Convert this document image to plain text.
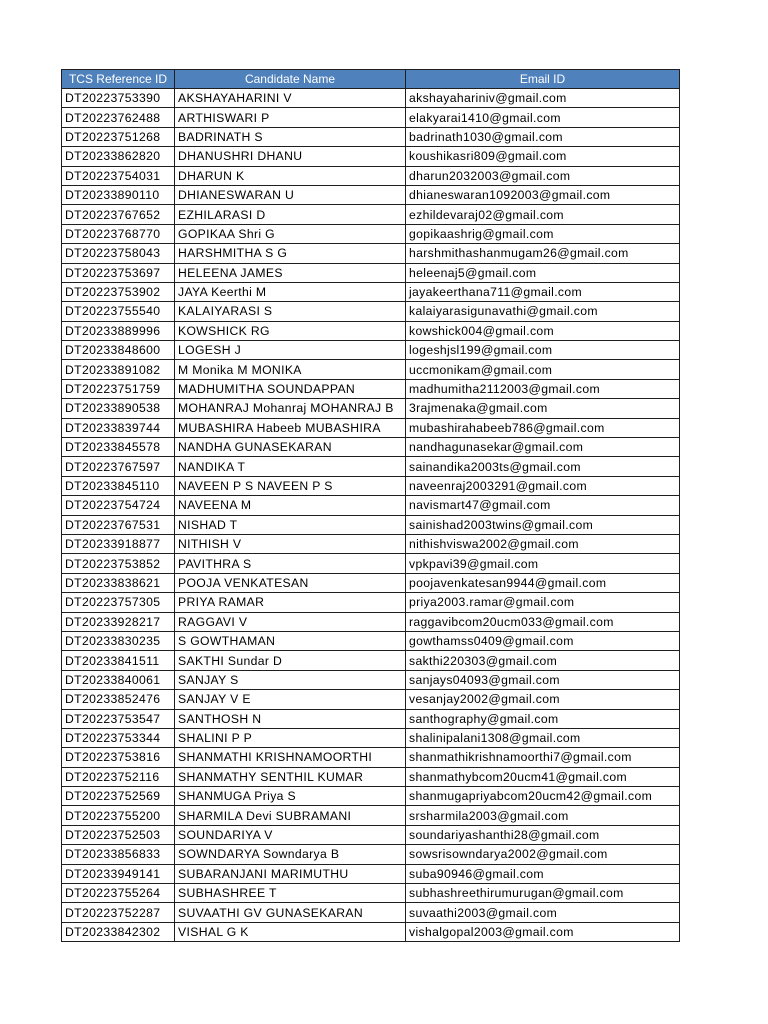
TCS Reference ID	Candidate Name	Email ID
DT20223753390	AKSHAYAHARINI V	akshayahariniv@gmail.com
DT20223762488	ARTHISWARI P	elakyarai1410@gmail.com
DT20223751268	BADRINATH S	badrinath1030@gmail.com
DT20233862820	DHANUSHRI DHANU	koushikasri809@gmail.com
DT20223754031	DHARUN K	dharun2032003@gmail.com
DT20233890110	DHIANESWARAN U	dhianeswaran1092003@gmail.com
DT20223767652	EZHILARASI D	ezhildevaraj02@gmail.com
DT20223768770	GOPIKAA Shri G	gopikaashrig@gmail.com
DT20223758043	HARSHMITHA S G	harshmithashanmugam26@gmail.com
DT20223753697	HELEENA JAMES	heleenaj5@gmail.com
DT20223753902	JAYA Keerthi M	jayakeerthana711@gmail.com
DT20223755540	KALAIYARASI S	kalaiyarasigunavathi@gmail.com
DT20233889996	KOWSHICK RG	kowshick004@gmail.com
DT20233848600	LOGESH J	logeshjsl199@gmail.com
DT20233891082	M Monika M MONIKA	uccmonikam@gmail.com
DT20223751759	MADHUMITHA SOUNDAPPAN	madhumitha2112003@gmail.com
DT20233890538	MOHANRAJ Mohanraj MOHANRAJ B	3rajmenaka@gmail.com
DT20233839744	MUBASHIRA Habeeb MUBASHIRA	mubashirahabeeb786@gmail.com
DT20233845578	NANDHA GUNASEKARAN	nandhagunasekar@gmail.com
DT20223767597	NANDIKA T	sainandika2003ts@gmail.com
DT20233845110	NAVEEN P S NAVEEN P S	naveenraj2003291@gmail.com
DT20223754724	NAVEENA M	navismart47@gmail.com
DT20223767531	NISHAD T	sainishad2003twins@gmail.com
DT20233918877	NITHISH V	nithishviswa2002@gmail.com
DT20223753852	PAVITHRA S	vpkpavi39@gmail.com
DT20233838621	POOJA VENKATESAN	poojavenkatesan9944@gmail.com
DT20223757305	PRIYA RAMAR	priya2003.ramar@gmail.com
DT20233928217	RAGGAVI V	raggavibcom20ucm033@gmail.com
DT20233830235	S GOWTHAMAN	gowthamss0409@gmail.com
DT20233841511	SAKTHI Sundar D	sakthi220303@gmail.com
DT20233840061	SANJAY S	sanjays04093@gmail.com
DT20233852476	SANJAY V E	vesanjay2002@gmail.com
DT20223753547	SANTHOSH N	santhography@gmail.com
DT20223753344	SHALINI P P	shalinipalani1308@gmail.com
DT20223753816	SHANMATHI KRISHNAMOORTHI	shanmathikrishnamoorthi7@gmail.com
DT20223752116	SHANMATHY SENTHIL KUMAR	shanmathybcom20ucm41@gmail.com
DT20223752569	SHANMUGA Priya S	shanmugapriyabcom20ucm42@gmail.com
DT20223755200	SHARMILA Devi SUBRAMANI	srsharmila2003@gmail.com
DT20223752503	SOUNDARIYA V	soundariyashanthi28@gmail.com
DT20233856833	SOWNDARYA Sowndarya B	sowsrisowndarya2002@gmail.com
DT20233949141	SUBARANJANI MARIMUTHU	suba90946@gmail.com
DT20223755264	SUBHASHREE T	subhashreethirumurugan@gmail.com
DT20223752287	SUVAATHI GV GUNASEKARAN	suvaathi2003@gmail.com
DT20233842302	VISHAL G K	vishalgopal2003@gmail.com
